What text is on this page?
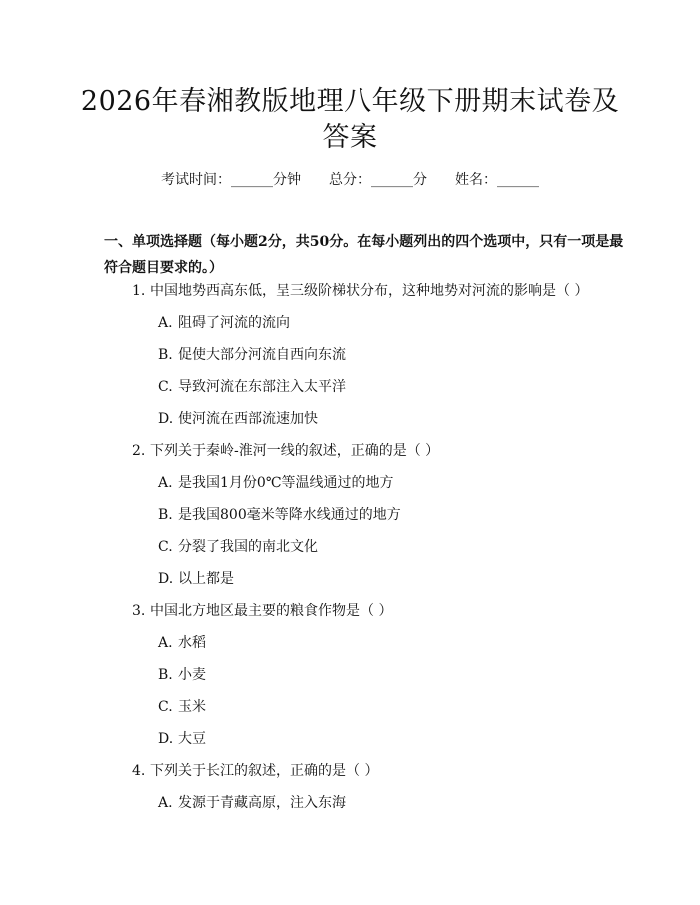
2026年春湘教版地理八年级下册期末试卷及
答案
考试时间：______分钟 总分：______分 姓名：______
一、单项选择题（每小题2分，共50分。在每小题列出的四个选项中，只有一项是最符合题目要求的。）
1. 中国地势西高东低，呈三级阶梯状分布，这种地势对河流的影响是（ ）
A. 阻碍了河流的流向
B. 促使大部分河流自西向东流
C. 导致河流在东部注入太平洋
D. 使河流在西部流速加快
2. 下列关于秦岭-淮河一线的叙述，正确的是（ ）
A. 是我国1月份0℃等温线通过的地方
B. 是我国800毫米等降水线通过的地方
C. 分裂了我国的南北文化
D. 以上都是
3. 中国北方地区最主要的粮食作物是（ ）
A. 水稻
B. 小麦
C. 玉米
D. 大豆
4. 下列关于长江的叙述，正确的是（ ）
A. 发源于青藏高原，注入东海
